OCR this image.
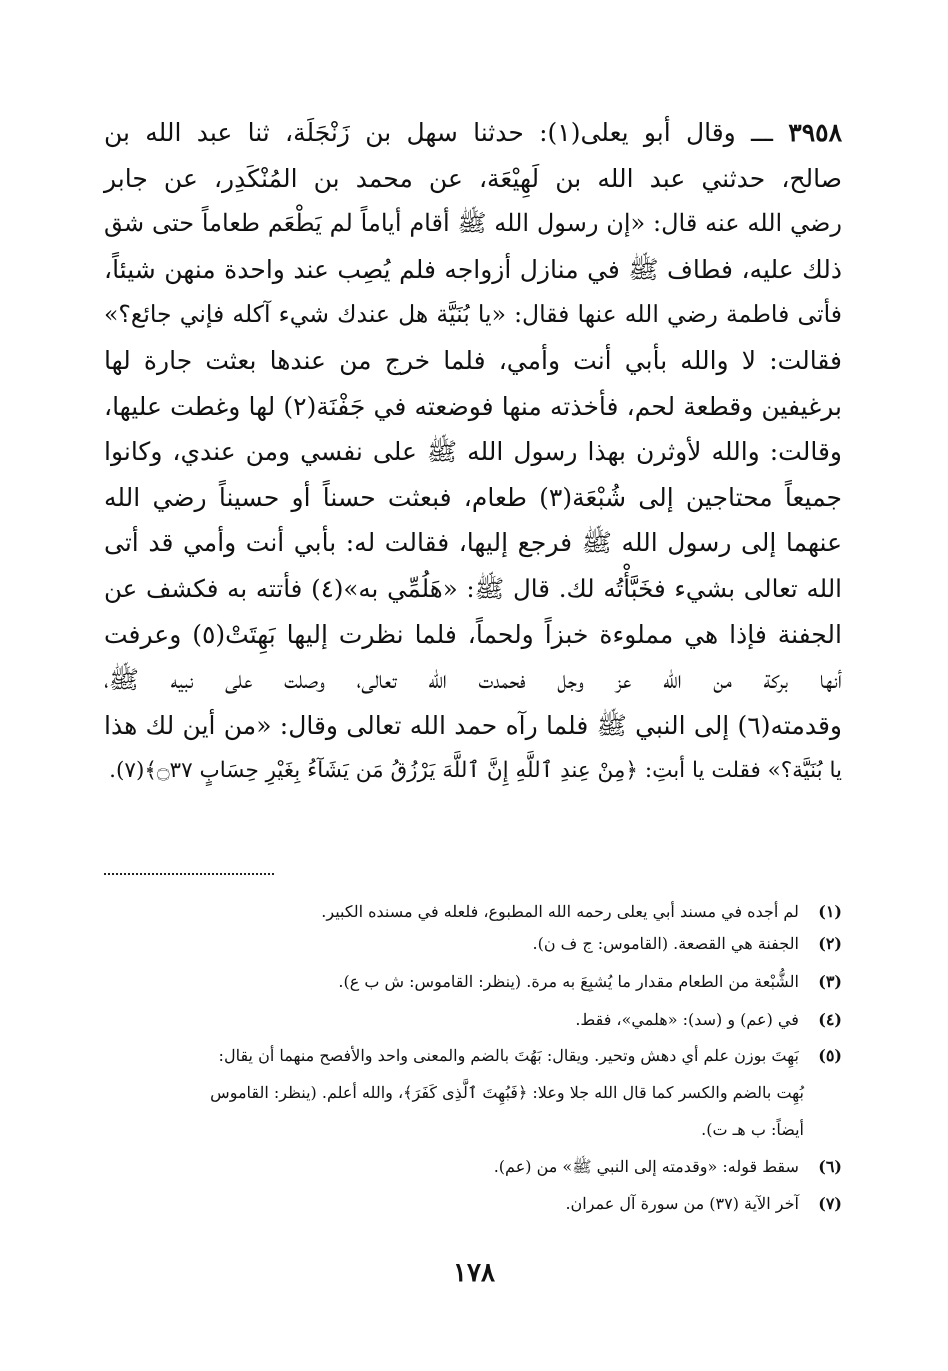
٣٩٥٨ ـــ وقال أبو يعلى(١): حدثنا سهل بن زَنْجَلَة، ثنا عبد الله بن
صالح، حدثني عبد الله بن لَهِيْعَة، عن محمد بن المُنْكَدِر، عن جابر
رضي الله عنه قال: «إن رسول الله ﷺ أقام أياماً لم يَطْعَم طعاماً حتى شق
ذلك عليه، فطاف ﷺ في منازل أزواجه فلم يُصِب عند واحدة منهن شيئاً،
فأتى فاطمة رضي الله عنها فقال: «يا بُنَيَّة هل عندك شيء آكله فإني جائع؟»
فقالت: لا والله بأبي أنت وأمي، فلما خرج من عندها بعثت جارة لها
برغيفين وقطعة لحم، فأخذته منها فوضعته في جَفْنَة(٢) لها وغطت عليها،
وقالت: والله لأوثرن بهذا رسول الله ﷺ على نفسي ومن عندي، وكانوا
جميعاً محتاجين إلى شُبْعَة(٣) طعام، فبعثت حسناً أو حسيناً رضي الله
عنهما إلى رسول الله ﷺ فرجع إليها، فقالت له: بأبي أنت وأمي قد أتى
الله تعالى بشيء فخَبَّأْتُه لك. قال ﷺ: «هَلُمِّي به»(٤) فأتته به فكشف عن
الجفنة فإذا هي مملوءة خبزاً ولحماً، فلما نظرت إليها بَهِتَتْ(٥) وعرفت
أنها بركة من الله عز وجل فحمدت الله تعالى، وصلت على نبيه ﷺ،
وقدمته(٦) إلى النبي ﷺ فلما رآه حمد الله تعالى وقال: «من أين لك هذا
يا بُنَيَّة؟» فقلت يا أبتِ: ﴿مِنْ عِندِ ٱللَّهِ إِنَّ ٱللَّهَ يَرْزُقُ مَن يَشَآءُ بِغَيْرِ حِسَابٍ ۝٣٧﴾(٧).
(١) لم أجده في مسند أبي يعلى رحمه الله المطبوع، فلعله في مسنده الكبير.
(٢) الجفنة هي القصعة. (القاموس: ج ف ن).
(٣) الشُّبْعة من الطعام مقدار ما يُشبِعَ به مرة. (ينظر: القاموس: ش ب ع).
(٤) في (عم) و (سد): «هلمي»، فقط.
(٥) بَهِتَ بوزن علم أي دهش وتحير. ويقال: بَهُتَ بالضم والمعنى واحد والأفصح منهما أن يقال:
بُهِت بالضم والكسر كما قال الله جلا وعلا: ﴿فَبُهِتَ ٱلَّذِى كَفَرَ﴾، والله أعلم. (ينظر: القاموس
أيضاً: ب هـ ت).
(٦) سقط قوله: «وقدمته إلى النبي ﷺ» من (عم).
(٧) آخر الآية (٣٧) من سورة آل عمران.
١٧٨
